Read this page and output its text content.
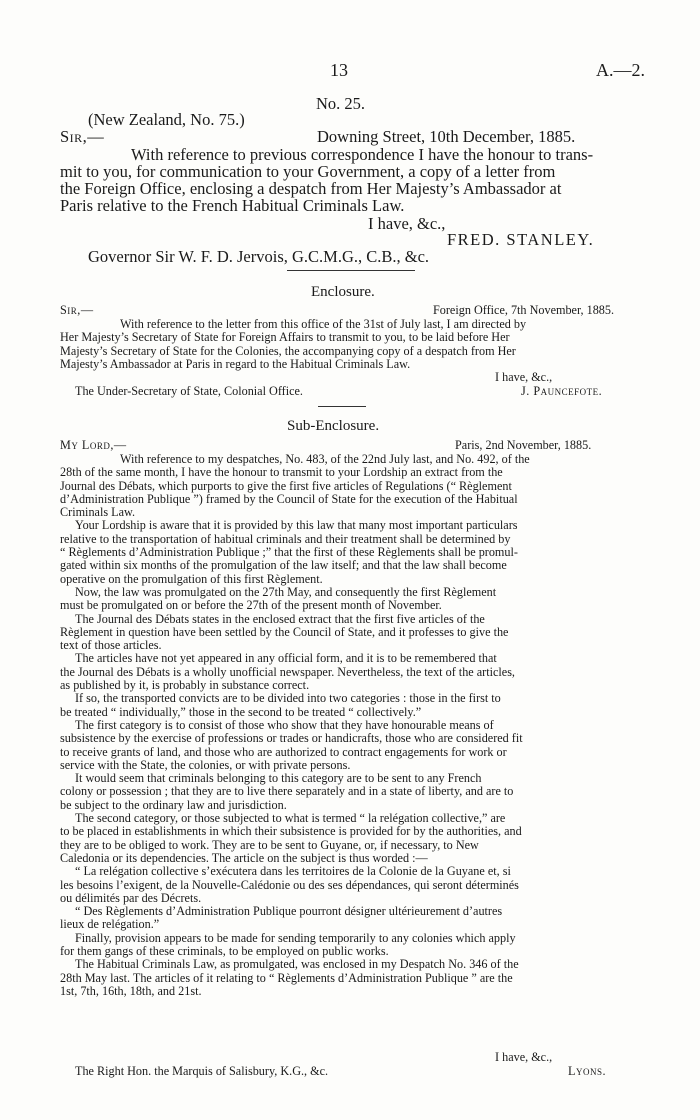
13	A.—2.
No. 25.
(New Zealand, No. 75.)
Sir,—	Downing Street, 10th December, 1885.

With reference to previous correspondence I have the honour to trans-

mit to you, for communication to your Government, a copy of a letter from

the Foreign Office, enclosing a despatch from Her Majesty’s Ambassador at

Paris relative to the French Habitual Criminals Law.

I have, &c.,
FRED. STANLEY.
Governor Sir W. F. D. Jervois, G.C.M.G., C.B., &c.
Enclosure.
Sir,—	Foreign Office, 7th November, 1885.

With reference to the letter from this office of the 31st of July last, I am directed by

Her Majesty’s Secretary of State for Foreign Affairs to transmit to you, to be laid before Her

Majesty’s Secretary of State for the Colonies, the accompanying copy of a despatch from Her

Majesty’s Ambassador at Paris in regard to the Habitual Criminals Law.

I have, &c.,
The Under-Secretary of State, Colonial Office.	J. Pauncefote.
Sub-Enclosure.
My Lord,—	Paris, 2nd November, 1885.

With reference to my despatches, No. 483, of the 22nd July last, and No. 492, of the

28th of the same month, I have the honour to transmit to your Lordship an extract from the

Journal des Débats, which purports to give the first five articles of Regulations (“ Règlement

d’Administration Publique ”) framed by the Council of State for the execution of the Habitual

Criminals Law.

Your Lordship is aware that it is provided by this law that many most important particulars

relative to the transportation of habitual criminals and their treatment shall be determined by

“ Règlements d’Administration Publique ;” that the first of these Règlements shall be promul-

gated within six months of the promulgation of the law itself; and that the law shall become

operative on the promulgation of this first Règlement.

Now, the law was promulgated on the 27th May, and consequently the first Règlement

must be promulgated on or before the 27th of the present month of November.

The Journal des Débats states in the enclosed extract that the first five articles of the

Règlement in question have been settled by the Council of State, and it professes to give the

text of those articles.

The articles have not yet appeared in any official form, and it is to be remembered that

the Journal des Débats is a wholly unofficial newspaper. Nevertheless, the text of the articles,

as published by it, is probably in substance correct.

If so, the transported convicts are to be divided into two categories : those in the first to

be treated “ individually,” those in the second to be treated “ collectively.”

The first category is to consist of those who show that they have honourable means of

subsistence by the exercise of professions or trades or handicrafts, those who are considered fit

to receive grants of land, and those who are authorized to contract engagements for work or

service with the State, the colonies, or with private persons.

It would seem that criminals belonging to this category are to be sent to any French

colony or possession ; that they are to live there separately and in a state of liberty, and are to

be subject to the ordinary law and jurisdiction.

The second category, or those subjected to what is termed “ la relégation collective,” are

to be placed in establishments in which their subsistence is provided for by the authorities, and

they are to be obliged to work. They are to be sent to Guyane, or, if necessary, to New

Caledonia or its dependencies. The article on the subject is thus worded :—

“ La relégation collective s’exécutera dans les territoires de la Colonie de la Guyane et, si

les besoins l’exigent, de la Nouvelle-Calédonie ou des ses dépendances, qui seront déterminés

ou délimités par des Décrets.

“ Des Règlements d’Administration Publique pourront désigner ultérieurement d’autres

lieux de relégation.”

Finally, provision appears to be made for sending temporarily to any colonies which apply

for them gangs of these criminals, to be employed on public works.

The Habitual Criminals Law, as promulgated, was enclosed in my Despatch No. 346 of the

28th May last. The articles of it relating to “ Règlements d’Administration Publique ” are the

1st, 7th, 16th, 18th, and 21st.

I have, &c.,
The Right Hon. the Marquis of Salisbury, K.G., &c.	Lyons.
